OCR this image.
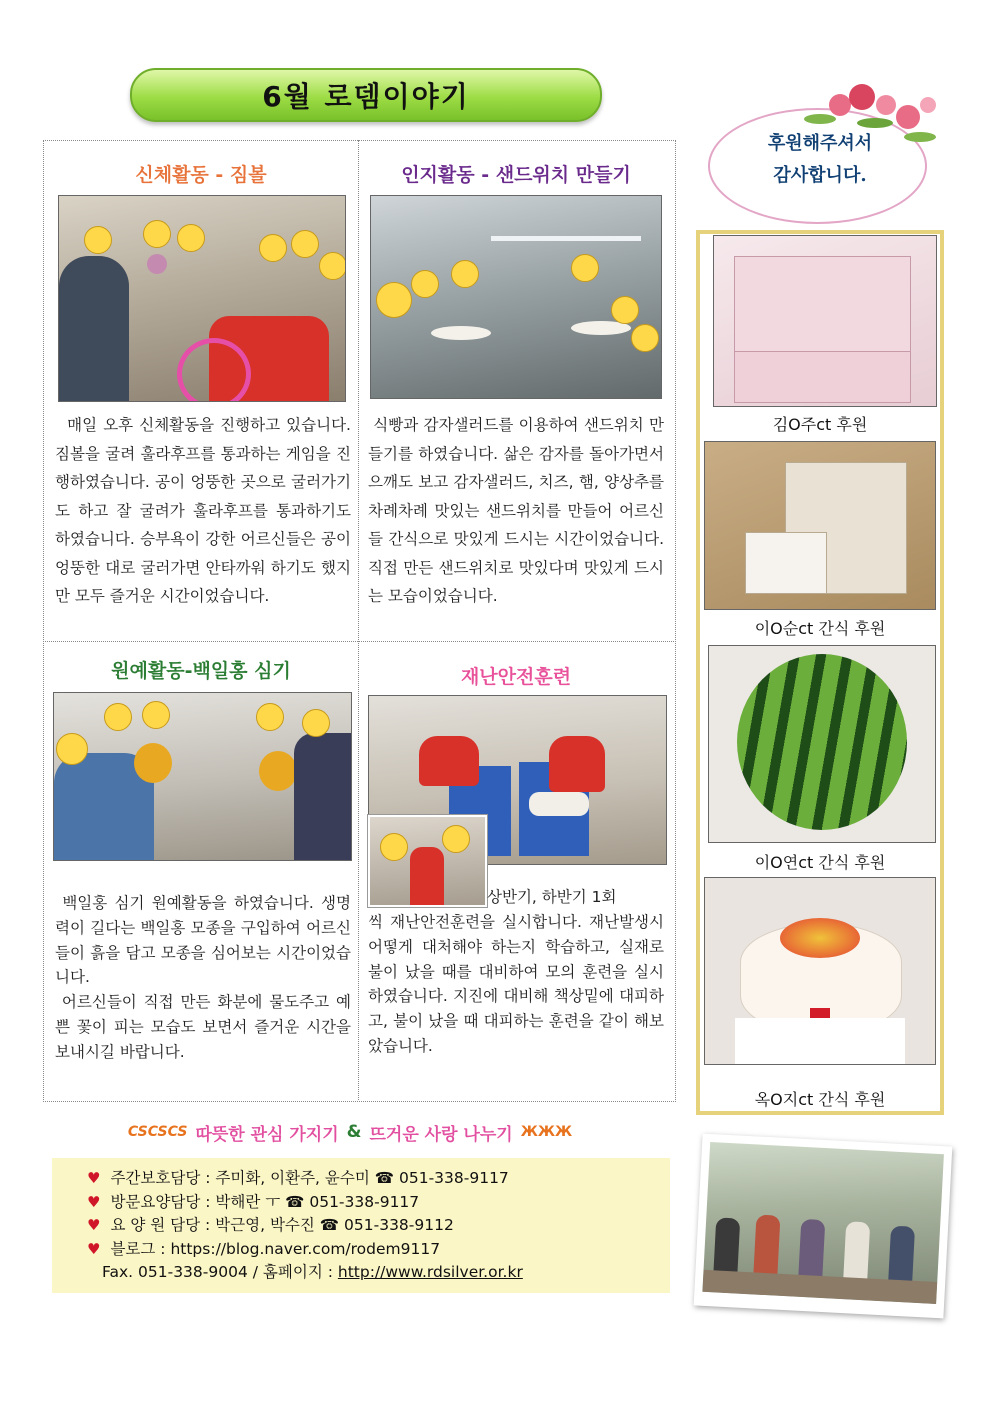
6월 로뎀이야기
신체활동 - 짐볼
매일 오후 신체활동을 진행하고 있습니다. 짐볼을 굴려 훌라후프를 통과하는 게임을 진행하였습니다. 공이 엉뚱한 곳으로 굴러가기도 하고 잘 굴려가 훌라후프를 통과하기도 하였습니다. 승부욕이 강한 어르신들은 공이 엉뚱한 대로 굴러가면 안타까워 하기도 했지만 모두 즐거운 시간이었습니다.
인지활동 - 샌드위치 만들기
식빵과 감자샐러드를 이용하여 샌드위치 만들기를 하였습니다. 삶은 감자를 돌아가면서 으깨도 보고 감자샐러드, 치즈, 햄, 양상추를 차례차례 맛있는 샌드위치를 만들어 어르신들 간식으로 맛있게 드시는 시간이었습니다. 직접 만든 샌드위치로 맛있다며 맛있게 드시는 모습이었습니다.
원예활동-백일홍 심기
백일홍 심기 원예활동을 하였습니다. 생명력이 길다는 백일홍 모종을 구입하여 어르신들이 흙을 담고 모종을 심어보는 시간이었습니다.
어르신들이 직접 만든 화분에 물도주고 예쁜 꽃이 피는 모습도 보면서 즐거운 시간을 보내시길 바랍니다.
재난안전훈련
상반기, 하반기 1회
씩 재난안전훈련을 실시합니다. 재난발생시 어떻게 대처해야 하는지 학습하고, 실재로 불이 났을 때를 대비하여 모의 훈련을 실시하였습니다. 지진에 대비해 책상밑에 대피하고, 불이 났을 때 대피하는 훈련을 같이 해보았습니다.
후원해주셔서
감사합니다.
김O주ct 후원
이O순ct 간식 후원
이O연ct 간식 후원
옥O지ct 간식 후원
CSCSCS 따뜻한 관심 가지기 & 뜨거운 사랑 나누기 ЖЖЖ
♥ 주간보호담당 : 주미화, 이환주, 윤수미 ☎ 051-338-9117
♥ 방문요양담당 : 박해란 ㅜ ☎ 051-338-9117
♥ 요 양 원 담당 : 박근영, 박수진 ☎ 051-338-9112
♥ 블로그 : https://blog.naver.com/rodem9117
Fax. 051-338-9004 / 홈페이지 : http://www.rdsilver.or.kr
